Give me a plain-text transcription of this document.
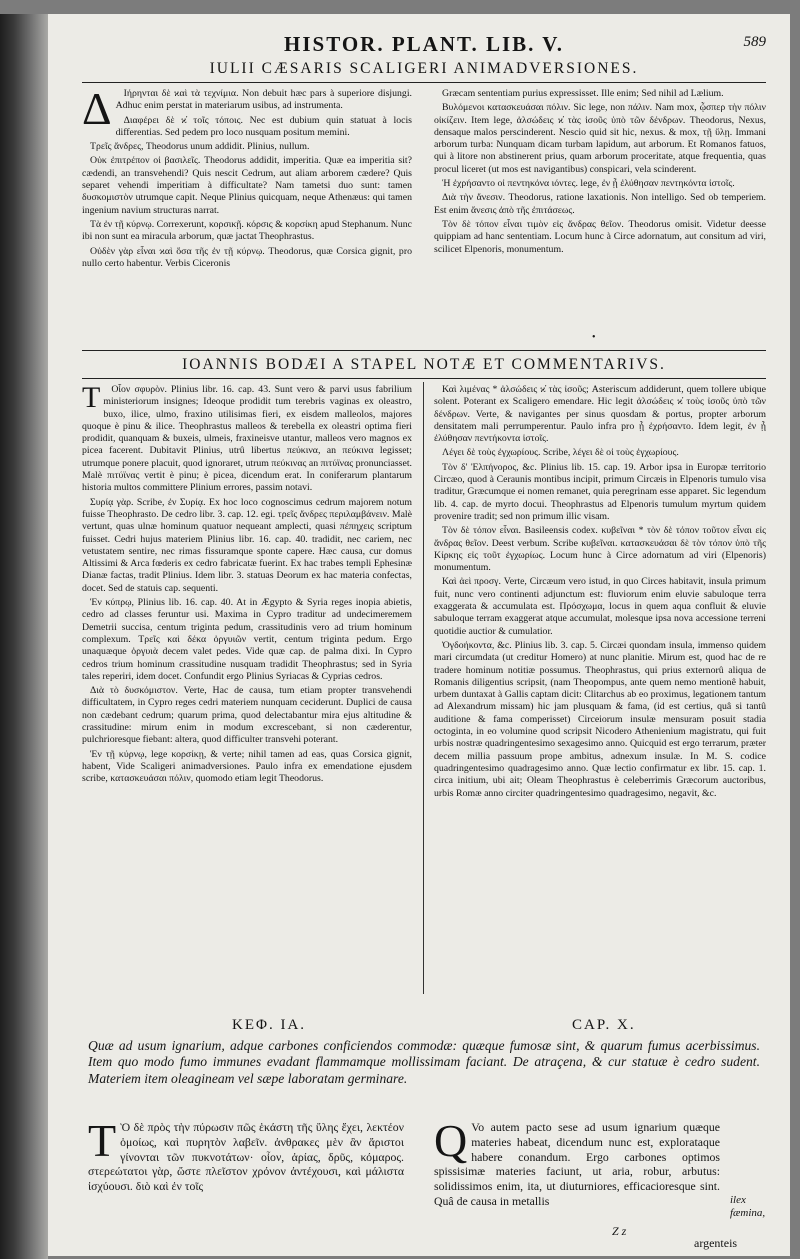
HISTOR. PLANT. LIB. V.	589
IULII CÆSARIS SCALIGERI ANIMADVERSIONES.
Δ	Ιήρηνται δὲ ϰαὶ τὰ τεχνίμια. Non debuit hæc pars à superiore disjungi. Adhuc enim perstat in materiarum usibus, ad instrumenta.

Διαφέρει δὲ ϰ̓ τοῖς τόποις. Nec est dubium quin statuat à locis differentias. Sed pedem pro loco nusquam positum memini.

Τρεῖς ἄνδρες, Theodorus unum addidit. Plinius, nullum.

Οὐκ ἐπιτρέπον οἱ βασιλεῖς. Theodorus addidit, imperitia. Quæ ea imperitia sit? cædendi, an transvehendi? Quis nescit Cedrum, aut aliam arborem cædere? Quis separet vehendi imperitiam à difficultate? Nam tametsi duo sunt: tamen δυσκομιστὸν utrumque capit. Neque Plinius quicquam, neque Athenæus: qui tamen ingenium navium structuras narrat.

Τὰ ἐν τῇ κύρνῳ. Correxerunt, κορσικῇ. κόρσις & κορσίκη apud Stephanum. Nunc ibi non sunt ea miracula arborum, quæ jactat Theophrastus.

Οὐδὲν γὰρ εἶναι ϰαὶ ὅσα τῆς ἐν τῇ κύρνῳ. Theodorus, quæ Corsica gignit, pro nullo certo habentur. Verbis Ciceronis

Græcam sententiam purius expressisset. Ille enim; Sed nihil ad Lælium.

Βυλόμενοι κατασκευάσαι πόλιν. Sic lege, non πάλιν. Nam mox, ᾦσπερ τὴν πόλιν οἰκίζειν. Item lege, ἀλσώδεις ϰ̓ τὰς ἰσοῦς ὑπὸ τῶν δένδρων. Theodorus, Nexus, densaque malos perscinderent. Nescio quid sit hic, nexus. & mox, τῇ ὕλῃ. Immani arborum turba: Nunquam dicam turbam lapidum, aut arborum. Et Romanos fatuos, qui à litore non abstinerent prius, quam arborum proceritate, atque frequentia, quas procul liceret (ut mos est navigantibus) conspicari, vela scinderent.

Ἡ ἐχρήσαντο οἱ πεντηκόνα ιόντες. lege, ἐν ᾗ ἐλύθησαν πεντηκόντα ἱστοῖς.

Διὰ τὴν ἄνεσιν. Theodorus, ratione laxationis. Non intelligo. Sed ob temperiem. Est enim ἄνεσις ἀπὸ τῆς ἐπιτάσεως.

Τὸν δὲ τόπον εἶναι τιμὸν εἰς ἄνδρας θεῖον. Theodorus omisit. Videtur deesse quippiam ad hanc sententiam. Locum hunc à Circe adornatum, aut consitum ad viri, scilicet Elpenoris, monumentum.

•
IOANNIS BODÆI A STAPEL NOTÆ ET COMMENTARIVS.
T	Οἷον σφυρὸν. Plinius libr. 16. cap. 43. Sunt vero & parvi usus fabrilium ministeriorum insignes; Ideoque prodidit tum terebris vaginas ex oleastro, buxo, ilice, ulmo, fraxino utilisimas fieri, ex eisdem malleolos, majores quoque è pinu & ilice. Theophrastus malleos & terebella ex oleastri optima fieri prodidit, quanquam & buxeis, ulmeis, fraxineisve utantur, malleos vero magnos ex picea facerent. Dubitavit Plinius, utrû libertus πεύκινα, an πεύκινα legisset; utrumque ponere placuit, quod ignoraret, utrum πεύκινας an πιτύϊνας pronunciasset. Malè πιτύϊνας vertit è pinu; è picea, dicendum erat. In coniferarum plantarum historia multos committere Plinium errores, passim notavi.

Συρίᾳ γὰρ. Scribe, ἐν Συρίᾳ. Ex hoc loco cognoscimus cedrum majorem notum fuisse Theophrasto. De cedro libr. 3. cap. 12. egi. τρεῖς ἄνδρες περιλαμβάνειν. Malè vertunt, quas ulnæ hominum quatuor nequeant amplecti, quasi πέπηχεις scriptum fuisset. Cedri hujus materiem Plinius libr. 16. cap. 40. tradidit, nec cariem, nec vetustatem sentire, nec rimas fissuramque sponte capere. Hæc causa, cur domus Altissimi & Arca fœderis ex cedro fabricatæ fuerint. Ex hac trabes templi Ephesinæ Dianæ factas, tradit Plinius. Idem libr. 3. statuas Deorum ex hac materia confectas, docet. Sed de statuis cap. sequenti.

Ἐν κύπρῳ, Plinius lib. 16. cap. 40. At in Ægypto & Syria reges inopia abietis, cedro ad classes feruntur usi. Maxima in Cypro traditur ad undecimeremem Demetrii succisa, centum triginta pedum, crassitudinis vero ad trium hominum complexum. Τρεῖς καὶ δέκα ὀργυιῶν vertit, centum triginta pedum. Ergo unaquæque ὀργυιὰ decem valet pedes. Vide quæ cap. de palma dixi. In Cypro cedros trium hominum crassitudine nusquam tradidit Theophrastus; sed in Syria tales reperiri, idem docet. Confundit ergo Plinius Syriacas & Cyprias cedros.

Διὰ τὸ δυσκόμιστον. Verte, Hac de causa, tum etiam propter transvehendi difficultatem, in Cypro reges cedri materiem nunquam ceciderunt. Duplici de causa non cædebant cedrum; quarum prima, quod delectabantur mira ejus altitudine & crassitudine: mirum enim in modum excrescebant, si non cæderentur, pulchrioresque fiebant: altera, quod difficulter transvehi poterant.

Ἐν τῇ κύρνῳ, lege κορσίκῃ, & verte; nihil tamen ad eas, quas Corsica gignit, habent, Vide Scaligeri animadversiones. Paulo infra ex emendatione ejusdem scribe, κατασκευάσαι πόλιν, quomodo etiam legit Theodorus.

Καὶ λιμένας * ἀλσώδεις ϰ̓ τὰς ἰσοῦς; Asteriscum addiderunt, quem tollere ubique solent. Poterant ex Scaligero emendare. Hic legit ἀλσώδεις ϰ̓ τοὺς ἰσοῦς ὑπὸ τῶν δένδρων. Verte, & navigantes per sinus quosdam & portus, propter arborum densitatem mali perrumperentur. Paulo infra pro ᾗ ἐχρήσαντο. Idem legit, ἐν ᾗ ἐλύθησαν πεντήκοντα ἱστοῖς.

Λέγει δὲ τοὺς ἐγχωρίους. Scribe, λέγει δὲ οἱ τοὺς ἐγχωρίους.

Τὸν δ' Ἐλπήνορος, &c. Plinius lib. 15. cap. 19. Arbor ipsa in Europæ territorio Circæo, quod à Ceraunis montibus incipit, primum Circæis in Elpenoris tumulo visa traditur, Græcumque ei nomen remanet, quia peregrinam esse apparet. Sic legendum lib. 4. cap. de myrto docui. Theophrastus ad Elpenoris tumulum myrtum quidem provenire tradit; sed non primum illic visam.

Τὸν δὲ τόπον εἶναι. Basileensis codex. κυβεῖναι * τὸν δὲ τόπον τοῦτον εἶναι εἰς ἄνδρας θεῖον. Deest verbum. Scribe κυβεῖναι. κατασκευάσαι δὲ τὸν τόπον ὑπὸ τῆς Κίρκης εἰς τοῦτ ἐγχωρίως. Locum hunc à Circe adornatum ad viri (Elpenoris) monumentum.

Καὶ ἀεὶ προσγ. Verte, Circæum vero istud, in quo Circes habitavit, insula primum fuit, nunc vero continenti adjunctum est: fluviorum enim eluvie sabuloque terra exaggerata & accumulata est. Πρόσχωμα, locus in quem aqua confluit & eluvie sabuloque terram exaggerat atque accumulat, molesque ipsa nova accessione terreni quotidie auctior & cumulatior.

Ὀγδοήκοντα, &c. Plinius lib. 3. cap. 5. Circæi quondam insula, immenso quidem mari circumdata (ut creditur Homero) at nunc planitie. Mirum est, quod hac de re tradere hominum notitiæ possumus. Theophrastus, qui prius externorû aliqua de Romanis diligentius scripsit, (nam Theopompus, ante quem nemo mentionê habuit, urbem duntaxat à Gallis captam dicit: Clitarchus ab eo proximus, legationem tantum ad Alexandrum missam) hic jam plusquam & fama, (id est certius, quâ si tantû auditione & fama comperisset) Circeiorum insulæ mensuram posuit stadia octoginta, in eo volumine quod scripsit Nicodero Athenienium magistratu, qui fuit urbis nostræ quadringentesimo sexagesimo anno. Quicquid est ergo terrarum, præter decem millia passuum prope ambitus, adnexum insulæ. In M. S. codice quadringentesimo quadragesimo anno. Quæ lectio confirmatur ex libr. 15. cap. 1. circa initium, ubi ait; Oleam Theophrastus è celeberrimis Græcorum auctoribus, urbis Romæ anno circiter quadringentesimo quadragesimo, negavit, &c.

ΚΕΦ. ΙΑ.	CAP. X.
Quæ ad usum ignarium, adque carbones conficiendos commodæ: quæque fumosæ sint, & quarum fumus acerbissimus. Item quo modo fumo immunes evadant flammamque mollissimam faciant. De atraçena, & cur statuæ è cedro sudent. Materiem item oleagineam vel sæpe laboratam germinare.
Τ Ὸ δὲ πρὸς τὴν πύρωσιν πῶς ἑκάστη τῆς ὕλης ἔχει, λεκτέον ὁμοίως, καὶ πυρητὸν λαβεῖν. ἀνθρακες μὲν ἂν ἄριστοι γίνονται τῶν πυκνοτάτων· οἷον, ἀρίας, δρῦς, κόμαρος. στερεώτατοι γὰρ, ὥστε πλεῖστον χρόνον ἀντέχουσι, καὶ μάλιστα ἰσχύουσι. διὸ καὶ ἐν τοῖς
Q Vo autem pacto sese ad usum ignarium quæque materies habeat, dicendum nunc est, explorataque habere conandum. Ergo carbones optimos spissisimæ materies faciunt, ut aria, robur, arbutus: solidissimos enim, ita, ut diuturniores, efficacioresque sint. Quâ de causa in metallis	ilex fæmina,
Z z
argenteis
